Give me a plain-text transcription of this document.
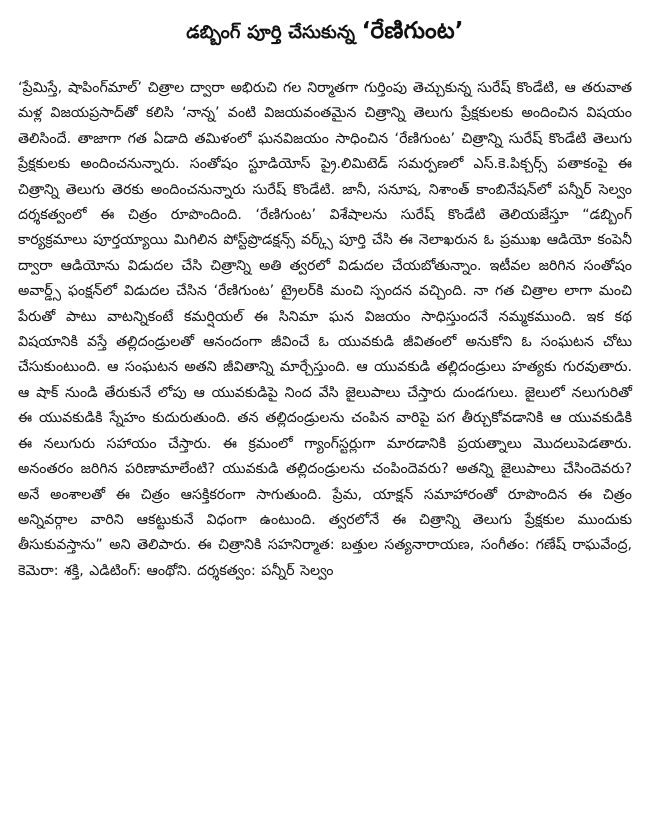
డబ్బింగ్ పూర్తి చేసుకున్న ‘రేణిగుంట’

‘ప్రేమిస్తే, షాపింగ్‌మాల్’ చిత్రాల ద్వారా అభిరుచి గల నిర్మాతగా గుర్తింపు తెచ్చుకున్న సురేష్ కొండేటి, ఆ తరువాత మళ్ల విజయప్రసాద్‌తో కలిసి ‘నాన్న’ వంటి విజయవంతమైన చిత్రాన్ని తెలుగు ప్రేక్షకులకు అందించిన విషయం తెలిసిందే. తాజాగా గత ఏడాది తమిళంలో ఘనవిజయం సాధించిన ‘రేణిగుంట’ చిత్రాన్ని సురేష్ కొండేటి తెలుగు ప్రేక్షకులకు అందించనున్నారు. సంతోషం స్టూడియోస్ ప్రై.లిమిటెడ్ సమర్పణలో ఎస్.కె.పిక్చర్స్ పతాకంపై ఈ చిత్రాన్ని తెలుగు తెరకు అందించనున్నారు సురేష్ కొండేటి. జానీ, సనూష, నిశాంత్ కాంబినేషన్‌లో పన్నీర్ సెల్వం దర్శకత్వంలో ఈ చిత్రం రూపొందింది. ‘రేణిగుంట’ విశేషాలను సురేష్ కొండేటి తెలియజేస్తూ “డబ్బింగ్ కార్యక్రమాలు పూర్తయ్యాయి మిగిలిన పోస్ట్‌ప్రొడక్షన్స్ వర్క్స్ పూర్తి చేసి ఈ నెలాఖరున ఓ ప్రముఖ ఆడియో కంపెనీ ద్వారా ఆడియోను విడుదల చేసి చిత్రాన్ని అతి త్వరలో విడుదల చేయబోతున్నాం. ఇటీవల జరిగిన సంతోషం అవార్డ్స్ ఫంక్షన్‌లో విడుదల చేసిన ‘రేణిగుంట’ ట్రైలర్‌కి మంచి స్పందన వచ్చింది. నా గత చిత్రాల లాగా మంచి పేరుతో పాటు వాటన్నికంటే కమర్షియల్ ఈ సినిమా ఘన విజయం సాధిస్తుందనే నమ్మకముంది. ఇక కథ విషయానికి వస్తే తల్లిదండ్రులతో ఆనందంగా జీవించే ఓ యువకుడి జీవితంలో అనుకోని ఓ సంఘటన చోటు చేసుకుంటుంది. ఆ సంఘటన అతని జీవితాన్ని మార్చేస్తుంది. ఆ యువకుడి తల్లిదండ్రులు హత్యకు గురవుతారు. ఆ షాక్ నుండి తేరుకునే లోపు ఆ యువకుడిపై నింద వేసి జైలుపాలు చేస్తారు దుండగులు. జైలులో నలుగురితో ఈ యువకుడికి స్నేహం కుదురుతుంది. తన తల్లిదండ్రులను చంపిన వారిపై పగ తీర్చుకోవడానికి ఆ యువకుడికి ఈ నలుగురు సహాయం చేస్తారు. ఈ క్రమంలో గ్యాంగ్‌స్టర్లుగా మారడానికి ప్రయత్నాలు మొదలుపెడతారు. అనంతరం జరిగిన పరిణామాలేంటి? యువకుడి తల్లిదండ్రులను చంపిందెవరు? అతన్ని జైలుపాలు చేసిందెవరు? అనే అంశాలతో ఈ చిత్రం ఆసక్తికరంగా సాగుతుంది. ప్రేమ, యాక్షన్ సమాహారంతో రూపొందిన ఈ చిత్రం అన్నివర్గాల వారిని ఆకట్టుకునే విధంగా ఉంటుంది. త్వరలోనే ఈ చిత్రాన్ని తెలుగు ప్రేక్షకుల ముందుకు తీసుకువస్తాను” అని తెలిపారు. ఈ చిత్రానికి సహనిర్మాత: బత్తుల సత్యనారాయణ, సంగీతం: గణేష్ రాఘవేంద్ర, కెమెరా: శక్తి, ఎడిటింగ్: ఆంథోని. దర్శకత్వం: పన్నీర్ సెల్వం
